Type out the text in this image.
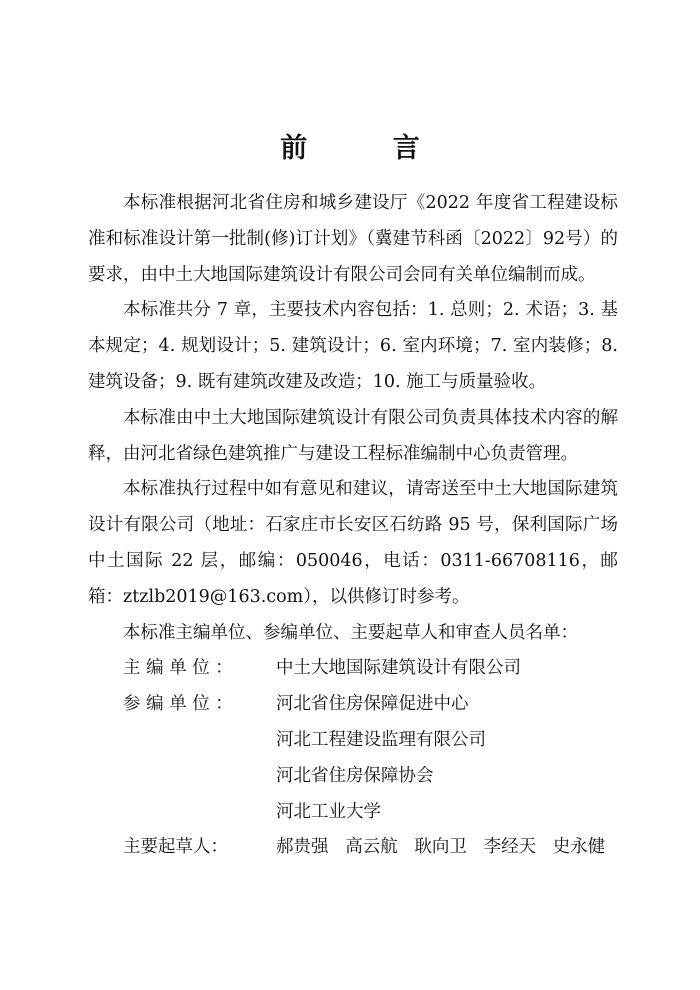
前 言

本标准根据河北省住房和城乡建设厅《2022 年度省工程建设标准和标准设计第一批制(修)订计划》（冀建节科函〔2022〕92号）的要求，由中土大地国际建筑设计有限公司会同有关单位编制而成。

本标准共分 7 章，主要技术内容包括：1. 总则；2. 术语；3. 基本规定；4. 规划设计；5. 建筑设计；6. 室内环境；7. 室内装修；8. 建筑设备；9. 既有建筑改建及改造；10. 施工与质量验收。

本标准由中土大地国际建筑设计有限公司负责具体技术内容的解释，由河北省绿色建筑推广与建设工程标准编制中心负责管理。

本标准执行过程中如有意见和建议，请寄送至中土大地国际建筑设计有限公司（地址：石家庄市长安区石纺路 95 号，保利国际广场中土国际 22 层，邮编：050046，电话：0311-66708116，邮箱：ztzlb2019@163.com），以供修订时参考。

本标准主编单位、参编单位、主要起草人和审查人员名单：

主 编 单 位 ：	中土大地国际建筑设计有限公司
参 编 单 位 ：	河北省住房保障促进中心
河北工程建设监理有限公司
河北省住房保障协会
河北工业大学
主要起草人：	郝贵强   高云航   耿向卫   李经天   史永健
